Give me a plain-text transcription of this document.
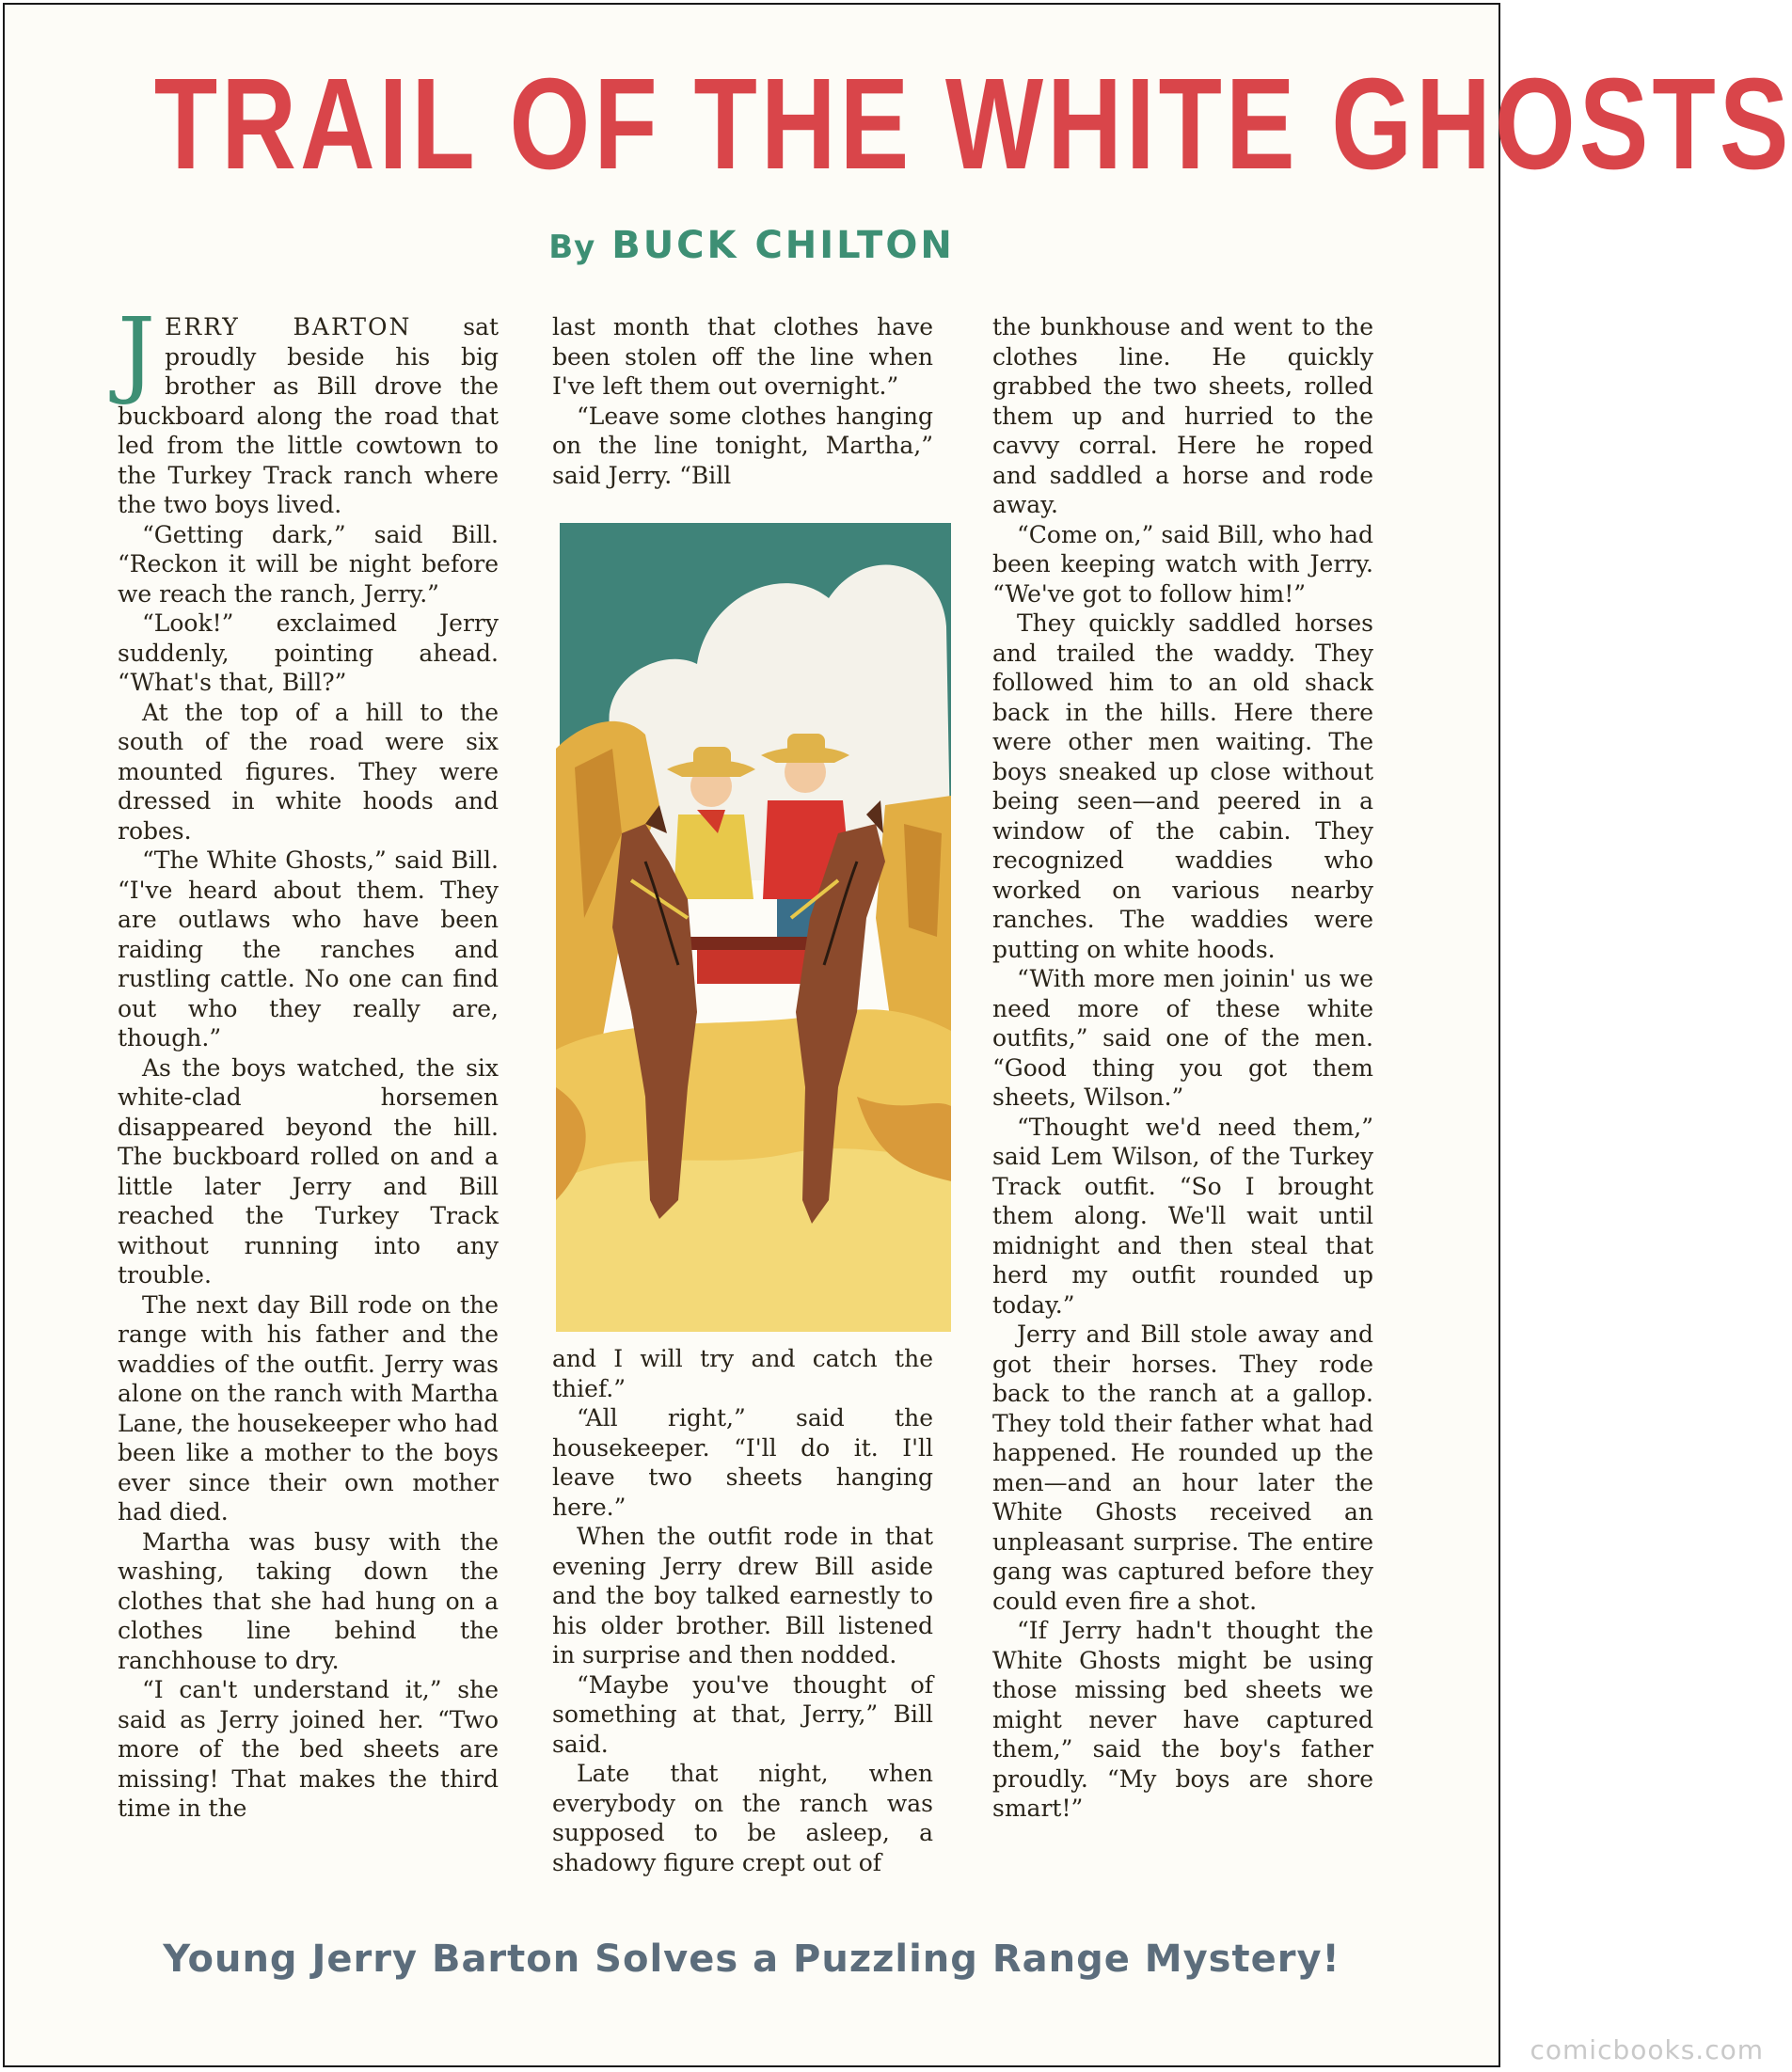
TRAIL OF THE WHITE GHOSTS
By BUCK CHILTON

JERRY BARTON sat proudly beside his big brother as Bill drove the buckboard along the road that led from the little cowtown to the Turkey Track ranch where the two boys lived.

“Getting dark,” said Bill. “Reckon it will be night before we reach the ranch, Jerry.”

“Look!” exclaimed Jerry suddenly, pointing ahead. “What's that, Bill?”

At the top of a hill to the south of the road were six mounted figures. They were dressed in white hoods and robes.

“The White Ghosts,” said Bill. “I've heard about them. They are outlaws who have been raiding the ranches and rustling cattle. No one can find out who they really are, though.”

As the boys watched, the six white-clad horsemen disappeared beyond the hill. The buckboard rolled on and a little later Jerry and Bill reached the Turkey Track without running into any trouble.

The next day Bill rode on the range with his father and the waddies of the outfit. Jerry was alone on the ranch with Martha Lane, the housekeeper who had been like a mother to the boys ever since their own mother had died.

Martha was busy with the washing, taking down the clothes that she had hung on a clothes line behind the ranchhouse to dry.

“I can't understand it,” she said as Jerry joined her. “Two more of the bed sheets are missing! That makes the third time in the

last month that clothes have been stolen off the line when I've left them out overnight.”

“Leave some clothes hanging on the line tonight, Martha,” said Jerry. “Bill

and I will try and catch the thief.”

“All right,” said the housekeeper. “I'll do it. I'll leave two sheets hanging here.”

When the outfit rode in that evening Jerry drew Bill aside and the boy talked earnestly to his older brother. Bill listened in surprise and then nodded.

“Maybe you've thought of something at that, Jerry,” Bill said.

Late that night, when everybody on the ranch was supposed to be asleep, a shadowy figure crept out of

the bunkhouse and went to the clothes line. He quickly grabbed the two sheets, rolled them up and hurried to the cavvy corral. Here he roped and saddled a horse and rode away.

“Come on,” said Bill, who had been keeping watch with Jerry. “We've got to follow him!”

They quickly saddled horses and trailed the waddy. They followed him to an old shack back in the hills. Here there were other men waiting. The boys sneaked up close without being seen—and peered in a window of the cabin. They recognized waddies who worked on various nearby ranches. The waddies were putting on white hoods.

“With more men joinin' us we need more of these white outfits,” said one of the men. “Good thing you got them sheets, Wilson.”

“Thought we'd need them,” said Lem Wilson, of the Turkey Track outfit. “So I brought them along. We'll wait until midnight and then steal that herd my outfit rounded up today.”

Jerry and Bill stole away and got their horses. They rode back to the ranch at a gallop. They told their father what had happened. He rounded up the men—and an hour later the White Ghosts received an unpleasant surprise. The entire gang was captured before they could even fire a shot.

“If Jerry hadn't thought the White Ghosts might be using those missing bed sheets we might never have captured them,” said the boy's father proudly. “My boys are shore smart!”

Young Jerry Barton Solves a Puzzling Range Mystery!
comicbooks.com
